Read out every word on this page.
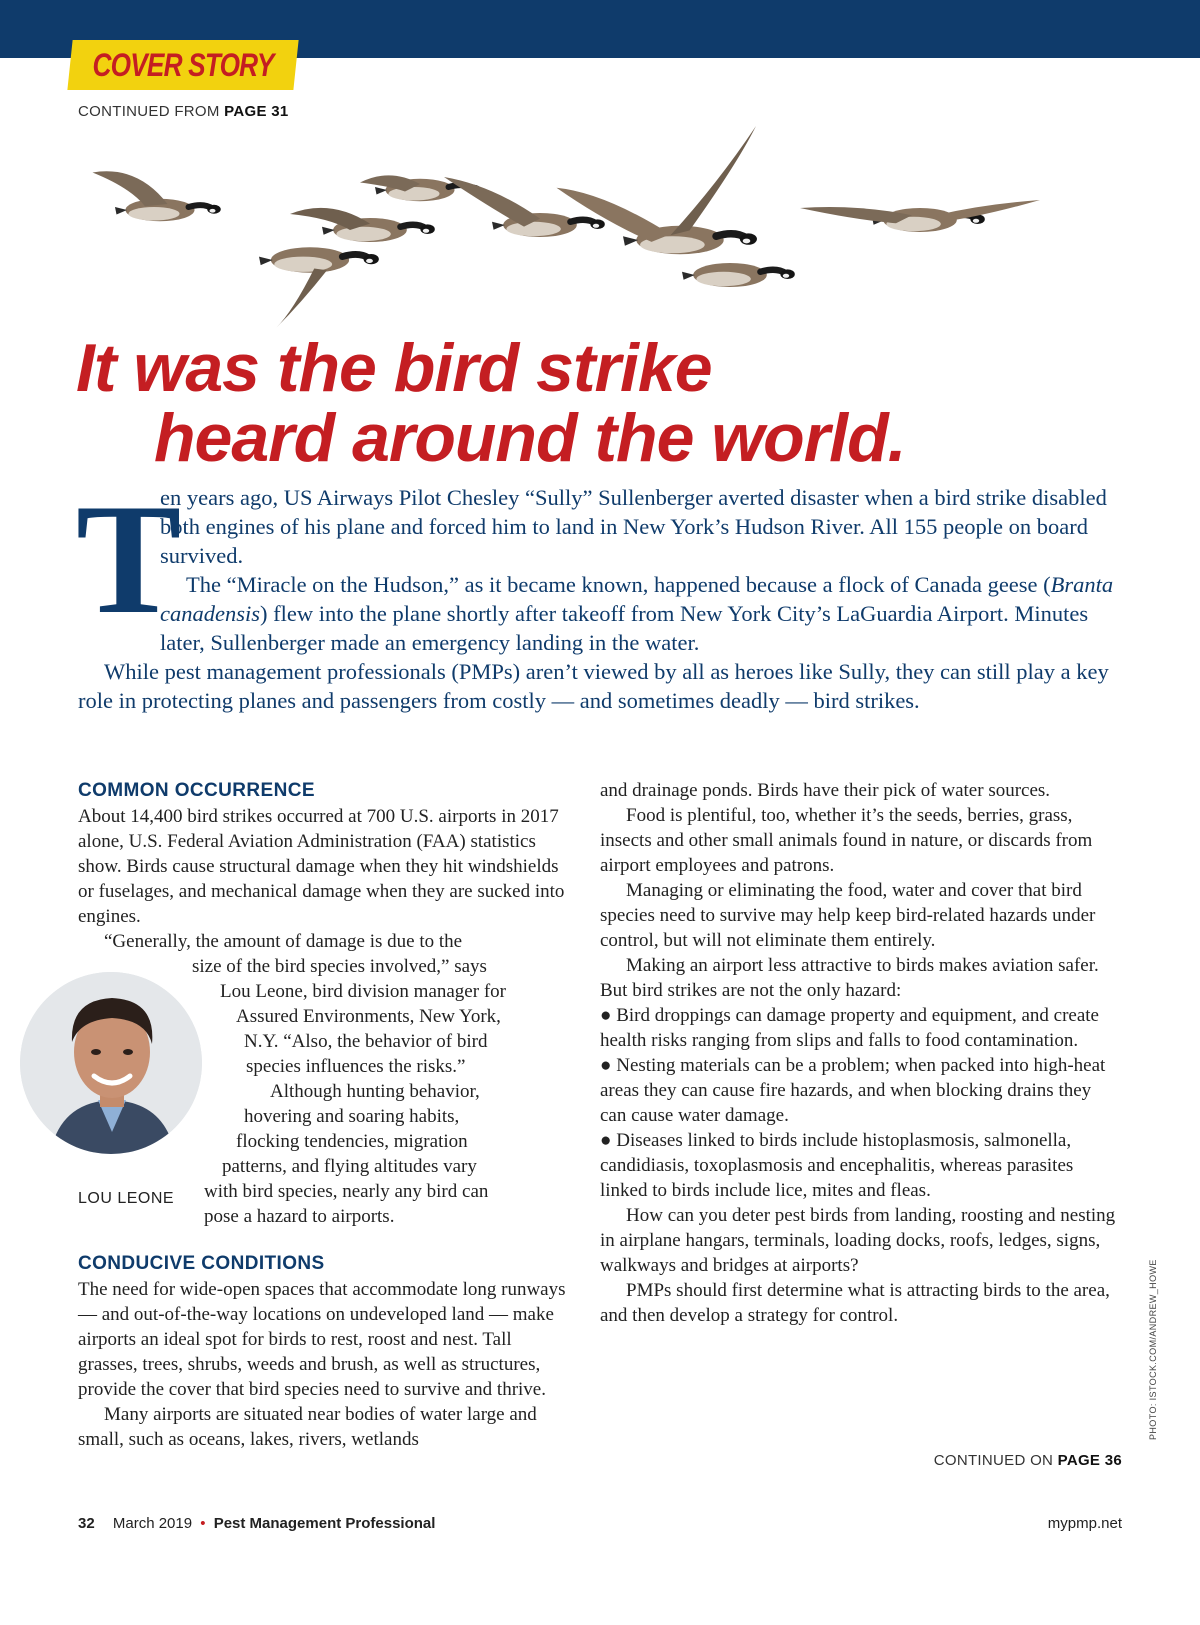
COVER STORY
CONTINUED FROM PAGE 31
It was the bird strike
heard around the world.
T

en years ago, US Airways Pilot Chesley “Sully” Sullenberger averted disaster when a bird strike disabled both engines of his plane and forced him to land in New York’s Hudson River. All 155 people on board survived.

The “Miracle on the Hudson,” as it became known, happened because a flock of Canada geese (Branta canadensis) flew into the plane shortly after takeoff from New York City’s LaGuardia Airport. Minutes later, Sullenberger made an emergency landing in the water.

While pest management professionals (PMPs) aren’t viewed by all as heroes like Sully, they can still play a key role in protecting planes and passengers from costly — and sometimes deadly — bird strikes.

COMMON OCCURRENCE

About 14,400 bird strikes occurred at 700 U.S. airports in 2017 alone, U.S. Federal Aviation Administration (FAA) statistics show. Birds cause structural damage when they hit windshields or fuselages, and mechanical damage when they are sucked into engines.

“Generally, the amount of damage is due to the

size of the bird species involved,” says

Lou Leone, bird division manager for

Assured Environments, New York,

N.Y. “Also, the behavior of bird

species influences the risks.”

Although hunting behavior,

hovering and soaring habits,

flocking tendencies, migration

patterns, and flying altitudes vary

with bird species, nearly any bird can

pose a hazard to airports.

CONDUCIVE CONDITIONS

The need for wide-open spaces that accommodate long runways — and out-of-the-way locations on undeveloped land — make airports an ideal spot for birds to rest, roost and nest. Tall grasses, trees, shrubs, weeds and brush, as well as structures, provide the cover that bird species need to survive and thrive.

Many airports are situated near bodies of water large and small, such as oceans, lakes, rivers, wetlands

LOU LEONE

and drainage ponds. Birds have their pick of water sources.

Food is plentiful, too, whether it’s the seeds, berries, grass, insects and other small animals found in nature, or discards from airport employees and patrons.

Managing or eliminating the food, water and cover that bird species need to survive may help keep bird-related hazards under control, but will not eliminate them entirely.

Making an airport less attractive to birds makes aviation safer. But bird strikes are not the only hazard:

● Bird droppings can damage property and equipment, and create health risks ranging from slips and falls to food contamination.

● Nesting materials can be a problem; when packed into high-heat areas they can cause fire hazards, and when blocking drains they can cause water damage.

● Diseases linked to birds include histoplasmosis, salmonella, candidiasis, toxoplasmosis and encephalitis, whereas parasites linked to birds include lice, mites and fleas.

How can you deter pest birds from landing, roosting and nesting in airplane hangars, terminals, loading docks, roofs, ledges, signs, walkways and bridges at airports?

PMPs should first determine what is attracting birds to the area, and then develop a strategy for control.

CONTINUED ON PAGE 36
PHOTO: ISTOCK.COM/ANDREW_HOWE
32 March 2019 • Pest Management Professional	mypmp.net
